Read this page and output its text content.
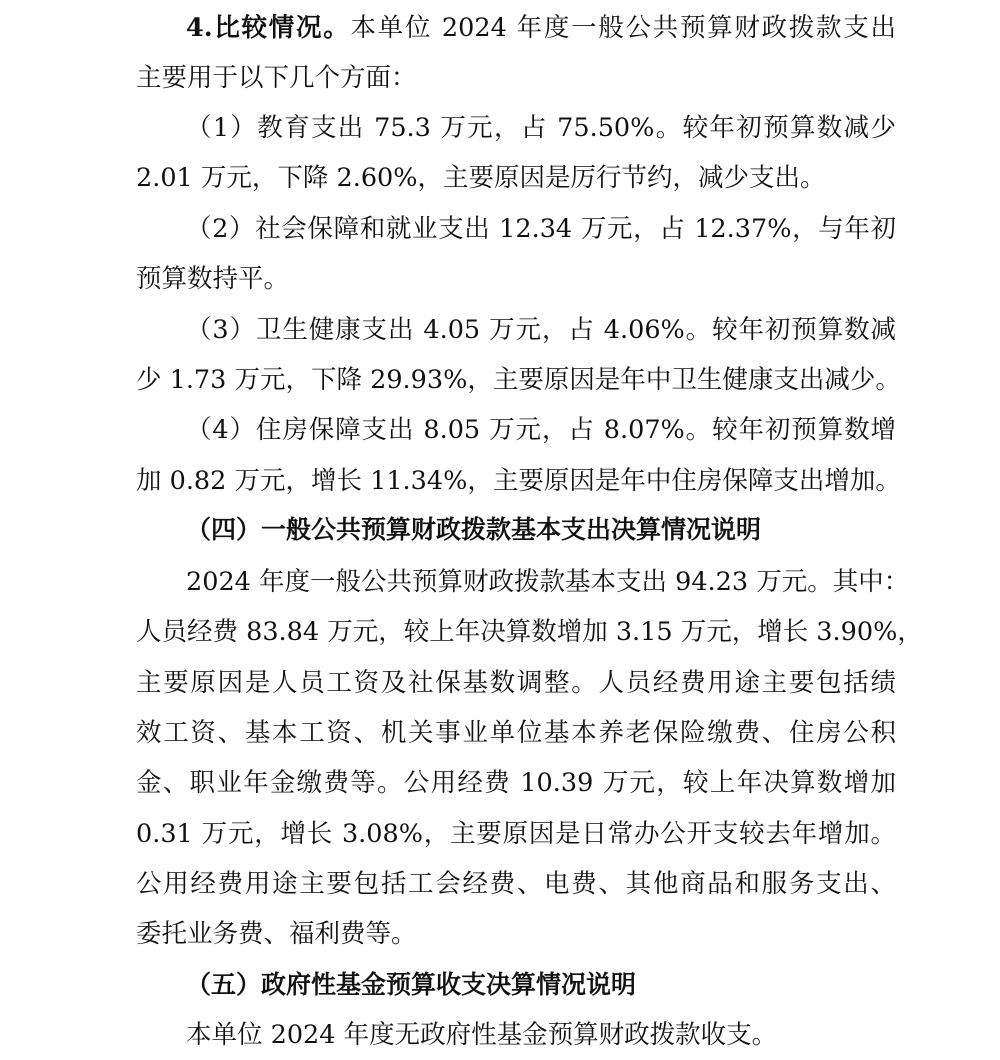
4.比较情况。本单位 2024 年度一般公共预算财政拨款支出
主要用于以下几个方面：
（1）教育支出 75.3 万元，占 75.50%。较年初预算数减少
2.01 万元，下降 2.60%，主要原因是厉行节约，减少支出。
（2）社会保障和就业支出 12.34 万元，占 12.37%，与年初
预算数持平。
（3）卫生健康支出 4.05 万元，占 4.06%。较年初预算数减
少 1.73 万元，下降 29.93%，主要原因是年中卫生健康支出减少。
（4）住房保障支出 8.05 万元，占 8.07%。较年初预算数增
加 0.82 万元，增长 11.34%，主要原因是年中住房保障支出增加。
（四）一般公共预算财政拨款基本支出决算情况说明
2024 年度一般公共预算财政拨款基本支出 94.23 万元。其中：
人员经费 83.84 万元，较上年决算数增加 3.15 万元，增长 3.90%，
主要原因是人员工资及社保基数调整。人员经费用途主要包括绩
效工资、基本工资、机关事业单位基本养老保险缴费、住房公积
金、职业年金缴费等。公用经费 10.39 万元，较上年决算数增加
0.31 万元，增长 3.08%，主要原因是日常办公开支较去年增加。
公用经费用途主要包括工会经费、电费、其他商品和服务支出、
委托业务费、福利费等。
（五）政府性基金预算收支决算情况说明
本单位 2024 年度无政府性基金预算财政拨款收支。
